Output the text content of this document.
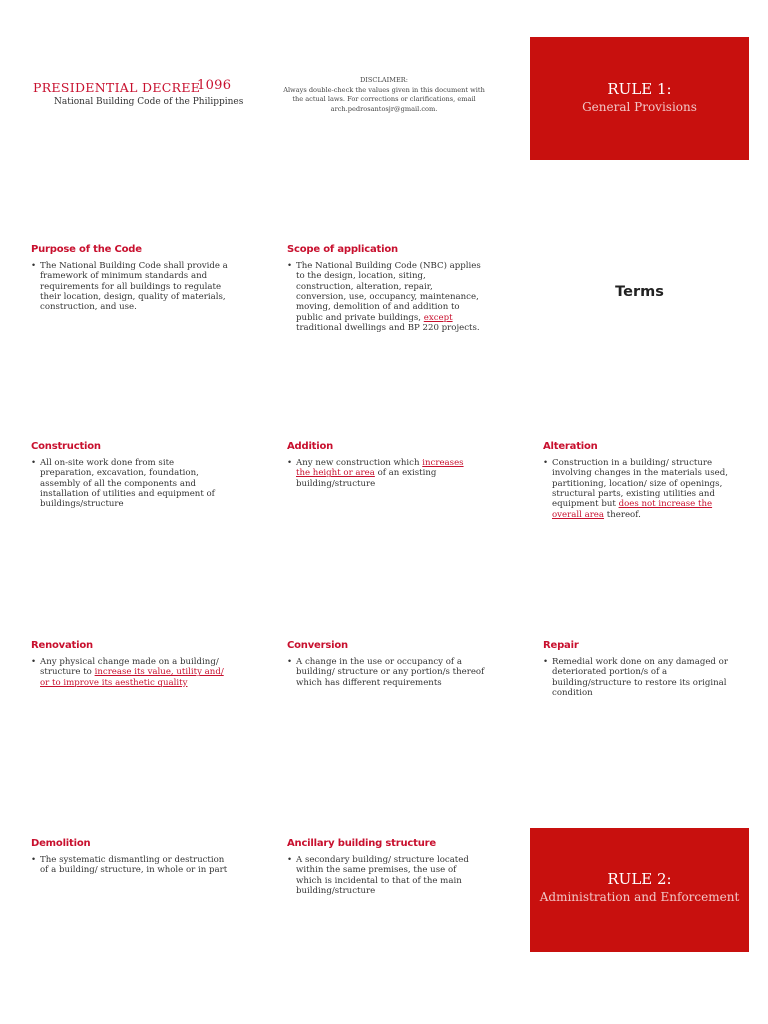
PRESIDENTIAL DECREE
1096
National Building Code of the Philippines
DISCLAIMER:
Always double-check the values given in this document with
the actual laws. For corrections or clarifications, email
arch.pedrosantosjr@gmail.com.
RULE 1:
General Provisions
Purpose of the Code
• The National Building Code shall provide a framework of minimum standards and requirements for all buildings to regulate their location, design, quality of materials, construction, and use.
Scope of application
• The National Building Code (NBC) applies to the design, location, siting, construction, alteration, repair, conversion, use, occupancy, maintenance, moving, demolition of and addition to public and private buildings, except traditional dwellings and BP 220 projects.
Terms
Construction
• All on-site work done from site preparation, excavation, foundation, assembly of all the components and installation of utilities and equipment of buildings/structure
Addition
• Any new construction which increases the height or area of an existing building/structure
Alteration
• Construction in a building/ structure involving changes in the materials used, partitioning, location/ size of openings, structural parts, existing utilities and equipment but does not increase the overall area thereof.
Renovation
• Any physical change made on a building/ structure to increase its value, utility and/ or to improve its aesthetic quality
Conversion
• A change in the use or occupancy of a building/ structure or any portion/s thereof which has different requirements
Repair
• Remedial work done on any damaged or deteriorated portion/s of a building/structure to restore its original condition
Demolition
• The systematic dismantling or destruction of a building/ structure, in whole or in part
Ancillary building structure
• A secondary building/ structure located within the same premises, the use of which is incidental to that of the main building/structure
RULE 2:
Administration and Enforcement
